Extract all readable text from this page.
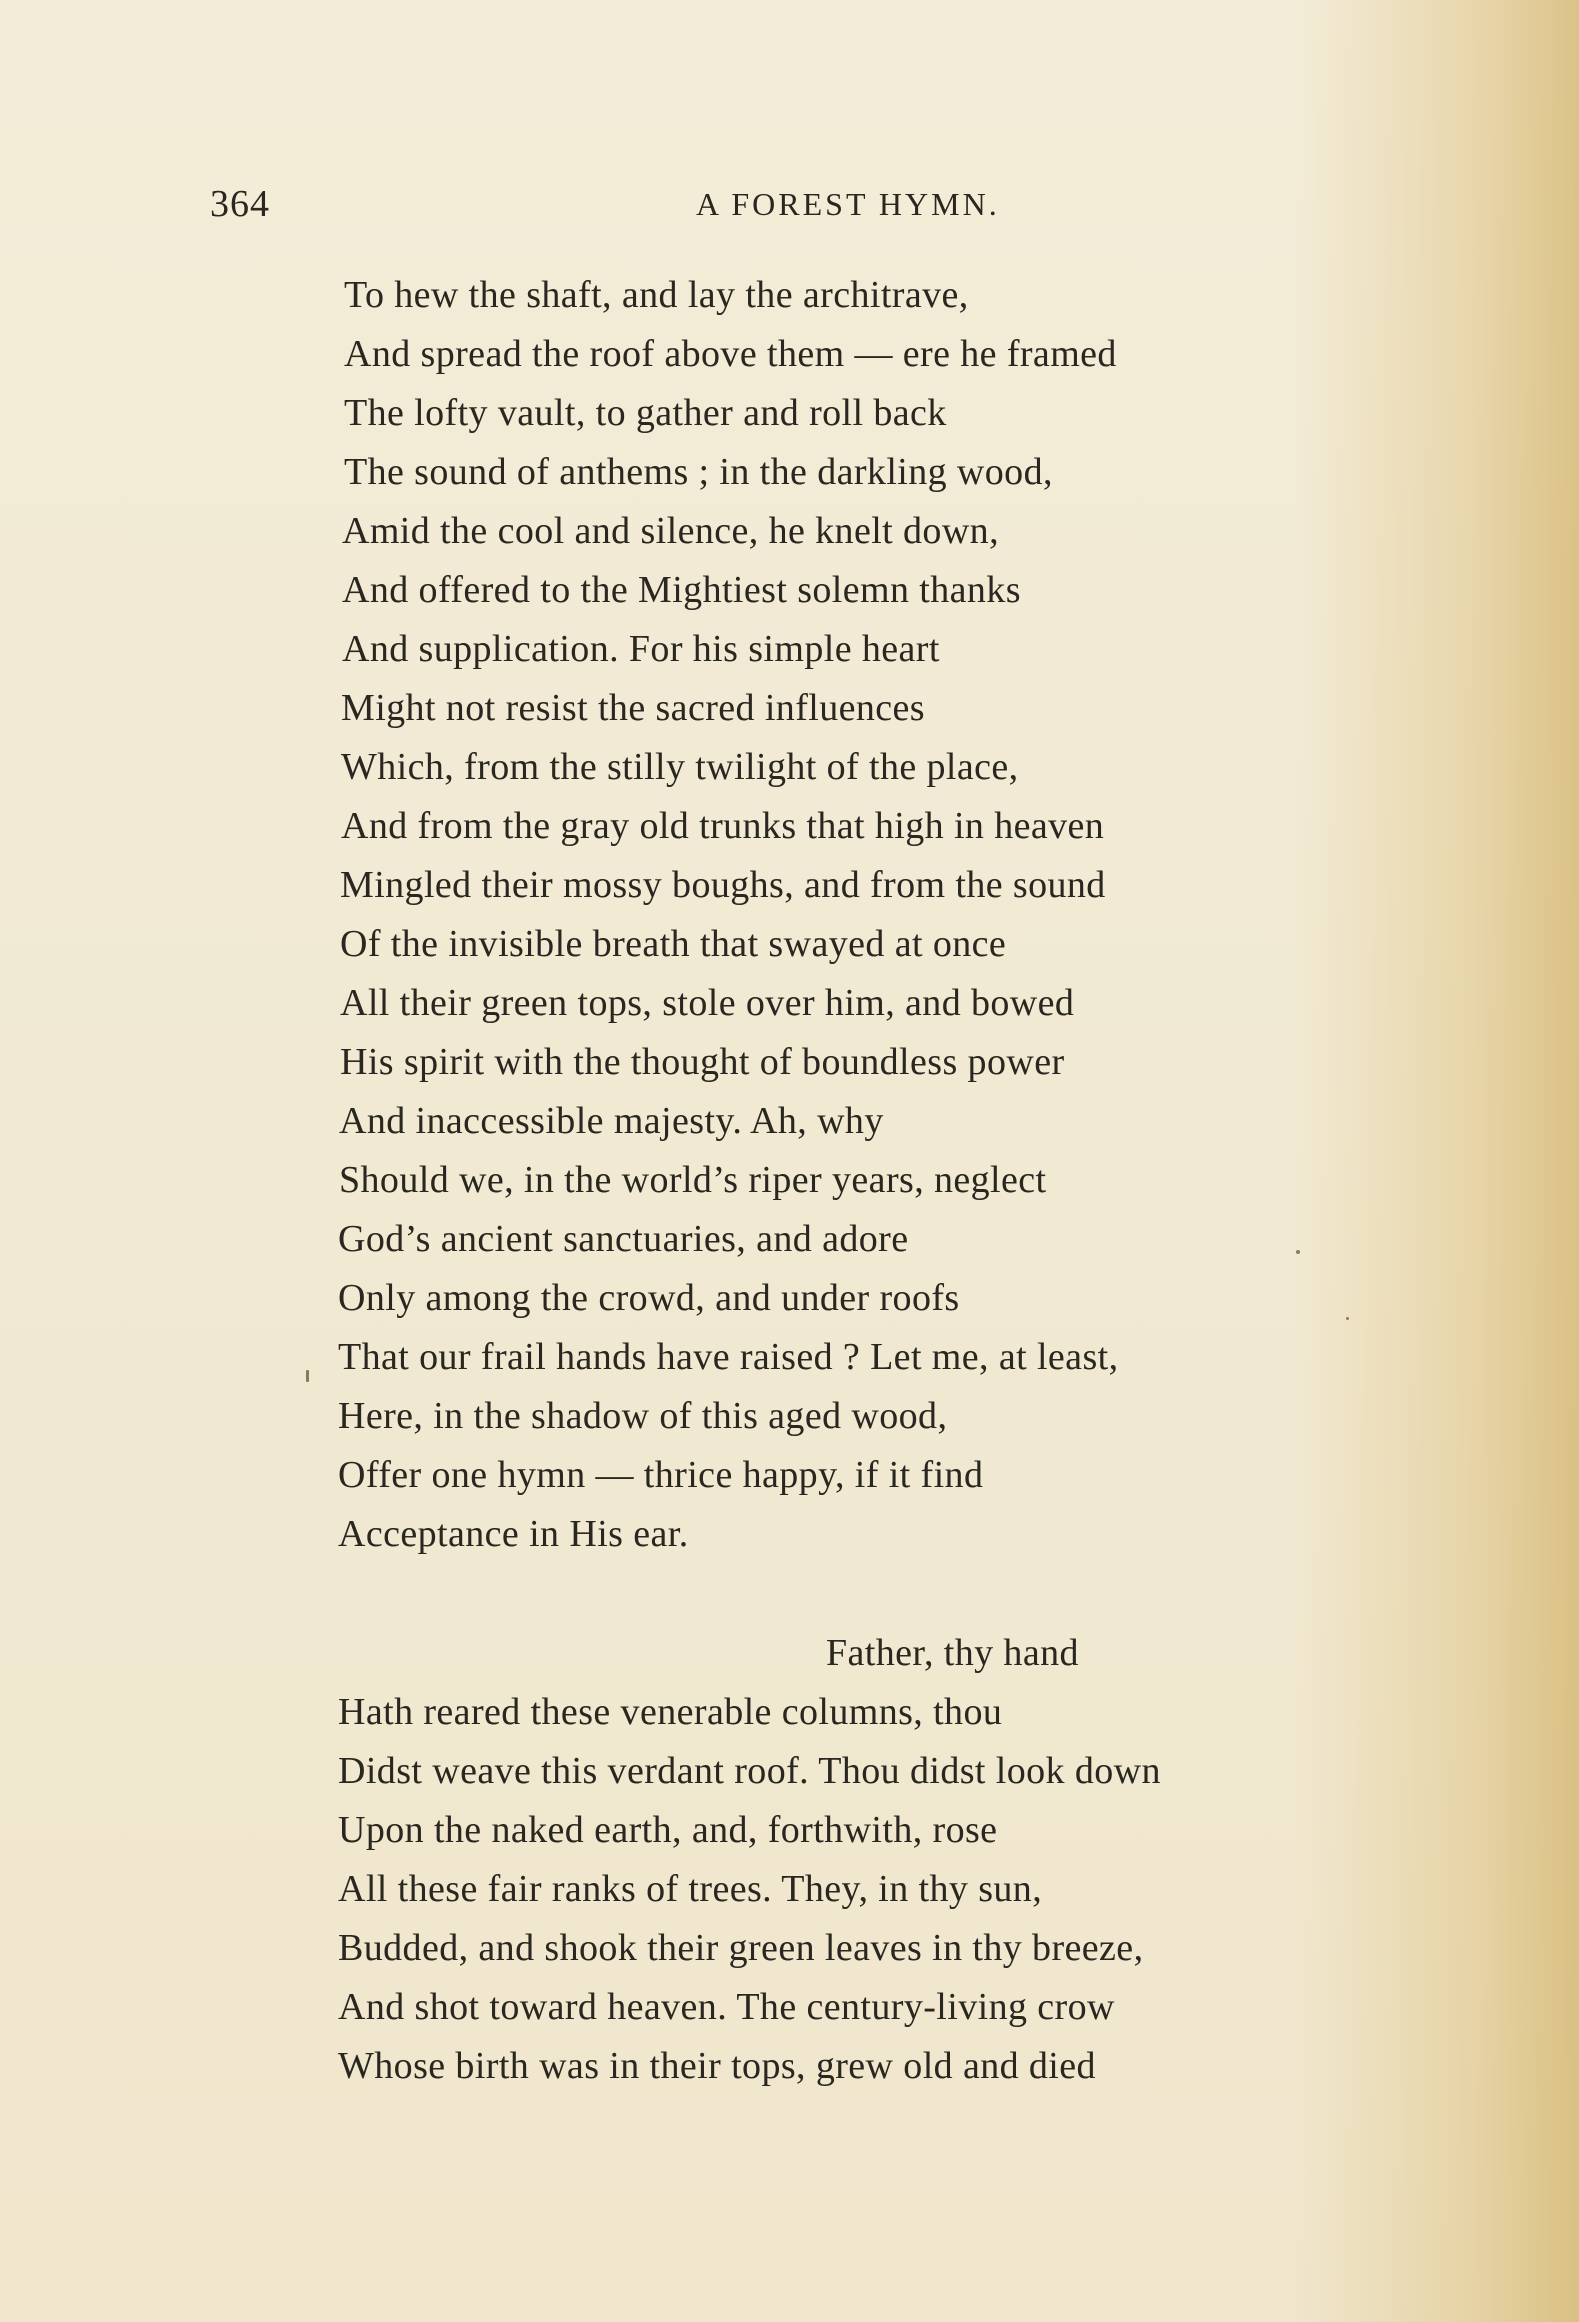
364	A FOREST HYMN.
To hew the shaft, and lay the architrave,
And spread the roof above them — ere he framed
The lofty vault, to gather and roll back
The sound of anthems ; in the darkling wood,
Amid the cool and silence, he knelt down,
And offered to the Mightiest solemn thanks
And supplication. For his simple heart
Might not resist the sacred influences
Which, from the stilly twilight of the place,
And from the gray old trunks that high in heaven
Mingled their mossy boughs, and from the sound
Of the invisible breath that swayed at once
All their green tops, stole over him, and bowed
His spirit with the thought of boundless power
And inaccessible majesty. Ah, why
Should we, in the world’s riper years, neglect
God’s ancient sanctuaries, and adore
Only among the crowd, and under roofs
That our frail hands have raised ? Let me, at least,
Here, in the shadow of this aged wood,
Offer one hymn — thrice happy, if it find
Acceptance in His ear.
Father, thy hand
Hath reared these venerable columns, thou
Didst weave this verdant roof. Thou didst look down
Upon the naked earth, and, forthwith, rose
All these fair ranks of trees. They, in thy sun,
Budded, and shook their green leaves in thy breeze,
And shot toward heaven. The century-living crow
Whose birth was in their tops, grew old and died
